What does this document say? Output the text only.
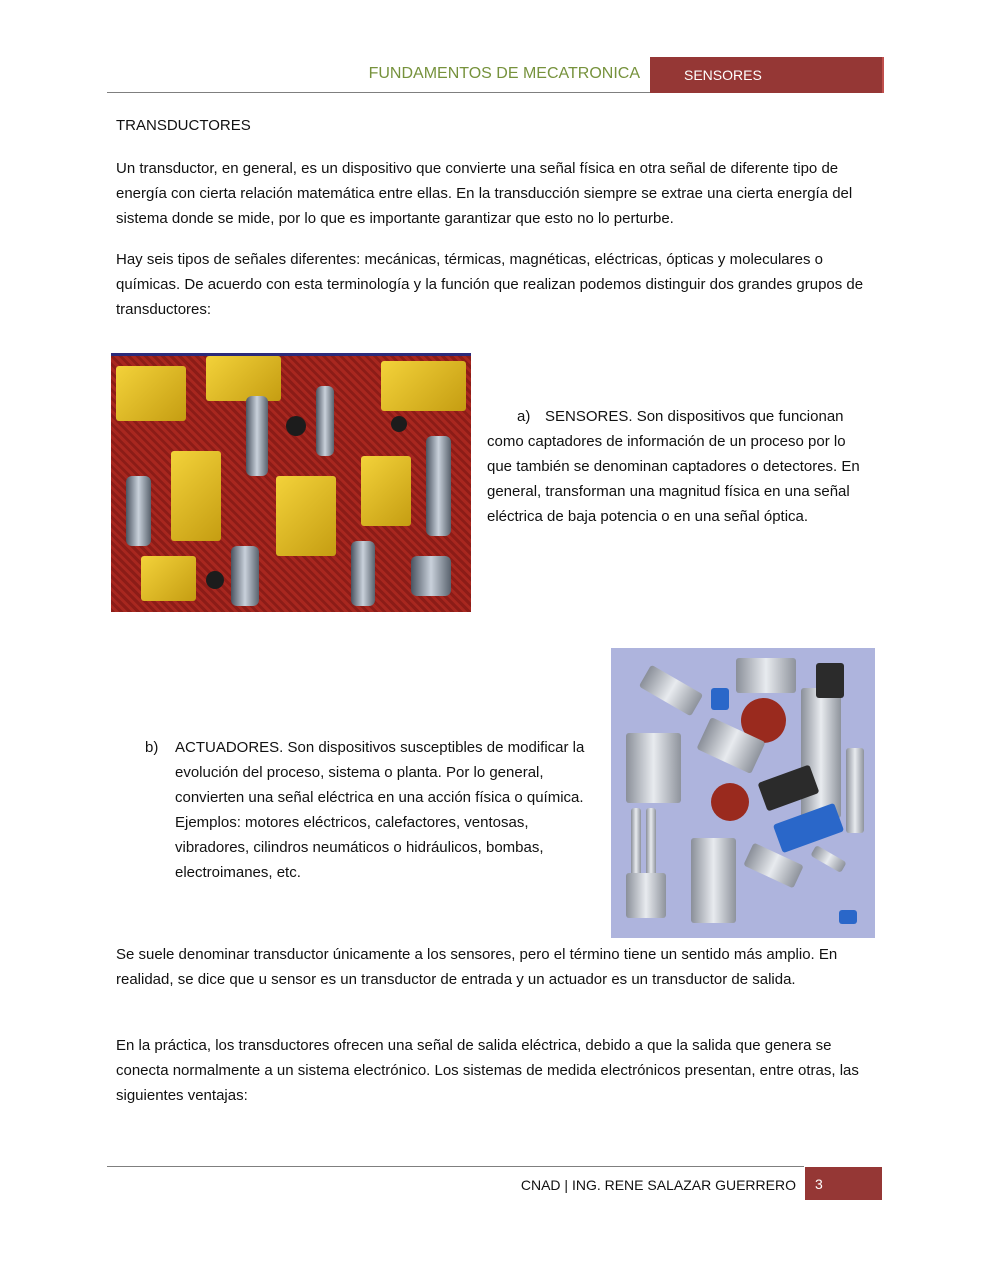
FUNDAMENTOS DE MECATRONICA	SENSORES
TRANSDUCTORES

Un transductor, en general, es un dispositivo que convierte una señal física en otra señal de diferente tipo de energía con cierta relación matemática entre ellas. En la transducción siempre se extrae una cierta energía del sistema donde se mide, por lo que es importante garantizar que esto no lo perturbe.

Hay seis tipos de señales diferentes: mecánicas, térmicas, magnéticas, eléctricas, ópticas y moleculares o químicas. De acuerdo con esta terminología y la función que realizan podemos distinguir dos grandes grupos de transductores:

a) SENSORES. Son dispositivos que funcionan como captadores de información de un proceso por lo que también se denominan captadores o detectores. En general, transforman una magnitud física en una señal eléctrica de baja potencia o en una señal óptica.
b) ACTUADORES. Son dispositivos susceptibles de modificar la evolución del proceso, sistema o planta. Por lo general, convierten una señal eléctrica en una acción física o química. Ejemplos: motores eléctricos, calefactores, ventosas, vibradores, cilindros neumáticos o hidráulicos, bombas, electroimanes, etc.

Se suele denominar transductor únicamente a los sensores, pero el término tiene un sentido más amplio. En realidad, se dice que u sensor es un transductor de entrada y un actuador es un transductor de salida.

En la práctica, los transductores ofrecen una señal de salida eléctrica, debido a que la salida que genera se conecta normalmente a un sistema electrónico. Los sistemas de medida electrónicos presentan, entre otras, las siguientes ventajas:

CNAD | ING. RENE SALAZAR GUERRERO 3
